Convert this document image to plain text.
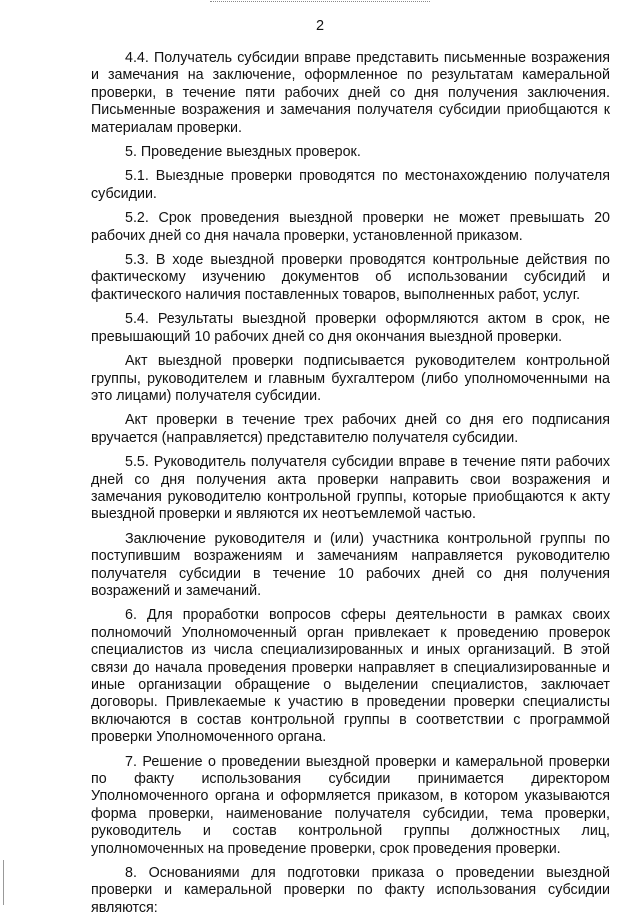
2

4.4. Получатель субсидии вправе представить письменные возражения и замечания на заключение, оформленное по результатам камеральной проверки, в течение пяти рабочих дней со дня получения заключения. Письменные возражения и замечания получателя субсидии приобщаются к материалам проверки.

5. Проведение выездных проверок.

5.1. Выездные проверки проводятся по местонахождению получателя субсидии.

5.2. Срок проведения выездной проверки не может превышать 20 рабочих дней со дня начала проверки, установленной приказом.

5.3. В ходе выездной проверки проводятся контрольные действия по фактическому изучению документов об использовании субсидий и фактического наличия поставленных товаров, выполненных работ, услуг.

5.4. Результаты выездной проверки оформляются актом в срок, не превышающий 10 рабочих дней со дня окончания выездной проверки.

Акт выездной проверки подписывается руководителем контрольной группы, руководителем и главным бухгалтером (либо уполномоченными на это лицами) получателя субсидии.

Акт проверки в течение трех рабочих дней со дня его подписания вручается (направляется) представителю получателя субсидии.

5.5. Руководитель получателя субсидии вправе в течение пяти рабочих дней со дня получения акта проверки направить свои возражения и замечания руководителю контрольной группы, которые приобщаются к акту выездной проверки и являются их неотъемлемой частью.

Заключение руководителя и (или) участника контрольной группы по поступившим возражениям и замечаниям направляется руководителю получателя субсидии в течение 10 рабочих дней со дня получения возражений и замечаний.

6. Для проработки вопросов сферы деятельности в рамках своих полномочий Уполномоченный орган привлекает к проведению проверок специалистов из числа специализированных и иных организаций. В этой связи до начала проведения проверки направляет в специализированные и иные организации обращение о выделении специалистов, заключает договоры. Привлекаемые к участию в проведении проверки специалисты включаются в состав контрольной группы в соответствии с программой проверки Уполномоченного органа.

7. Решение о проведении выездной проверки и камеральной проверки по факту использования субсидии принимается директором Уполномоченного органа и оформляется приказом, в котором указываются форма проверки, наименование получателя субсидии, тема проверки, руководитель и состав контрольной группы должностных лиц, уполномоченных на проведение проверки, срок проведения проверки.

8. Основаниями для подготовки приказа о проведении выездной проверки и камеральной проверки по факту использования субсидии являются:
